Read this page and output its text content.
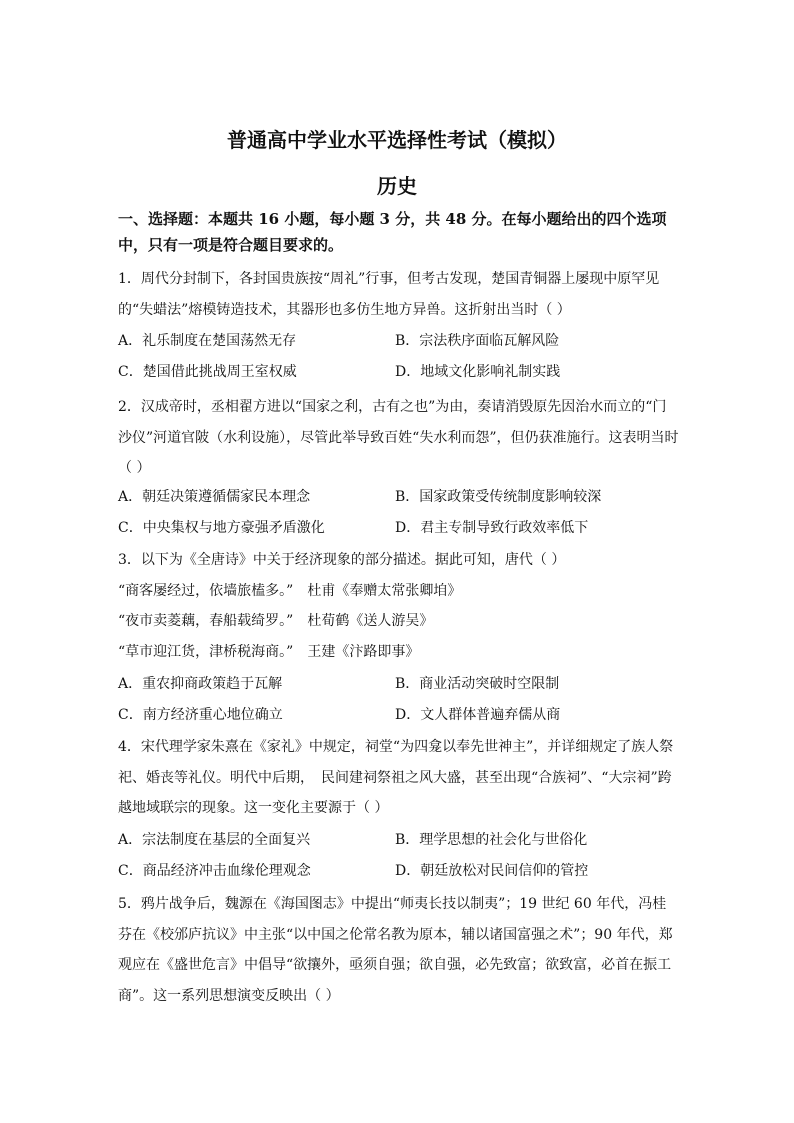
普通高中学业水平选择性考试（模拟）
历史
一、选择题：本题共 16 小题，每小题 3 分，共 48 分。在每小题给出的四个选项中，只有一项是符合题目要求的。

1．周代分封制下，各封国贵族按“周礼”行事，但考古发现，楚国青铜器上屡现中原罕见的“失蜡法”熔模铸造技术，其器形也多仿生地方异兽。这折射出当时（ ）

A．礼乐制度在楚国荡然无存	B．宗法秩序面临瓦解风险
C．楚国借此挑战周王室权威	D．地域文化影响礼制实践

2．汉成帝时，丞相翟方进以“国家之利，古有之也”为由，奏请消毁原先因治水而立的“门沙仪”河道官陂（水利设施），尽管此举导致百姓“失水利而怨”，但仍获准施行。这表明当时（ ）

A．朝廷决策遵循儒家民本理念	B．国家政策受传统制度影响较深
C．中央集权与地方豪强矛盾激化	D．君主专制导致行政效率低下

3．以下为《全唐诗》中关于经济现象的部分描述。据此可知，唐代（ ）

“商客屡经过，依墙旅榼多。”　杜甫《奉赠太常张卿垍》
“夜市卖菱藕，春船载绮罗。”　杜荀鹤《送人游吴》
“草市迎江货，津桥税海商。”　王建《汴路即事》
A．重农抑商政策趋于瓦解	B．商业活动突破时空限制
C．南方经济重心地位确立	D．文人群体普遍弃儒从商

4．宋代理学家朱熹在《家礼》中规定，祠堂“为四龛以奉先世神主”，并详细规定了族人祭祀、婚丧等礼仪。明代中后期，　民间建祠祭祖之风大盛，甚至出现“合族祠”、“大宗祠”跨越地域联宗的现象。这一变化主要源于（ ）

A．宗法制度在基层的全面复兴	B．理学思想的社会化与世俗化
C．商品经济冲击血缘伦理观念	D．朝廷放松对民间信仰的管控

5．鸦片战争后，魏源在《海国图志》中提出“师夷长技以制夷”；19 世纪 60 年代，冯桂芬在《校邠庐抗议》中主张“以中国之伦常名教为原本，辅以诸国富强之术”；90 年代，郑观应在《盛世危言》中倡导“欲攘外，亟须自强；欲自强，必先致富；欲致富，必首在振工商”。这一系列思想演变反映出（ ）
